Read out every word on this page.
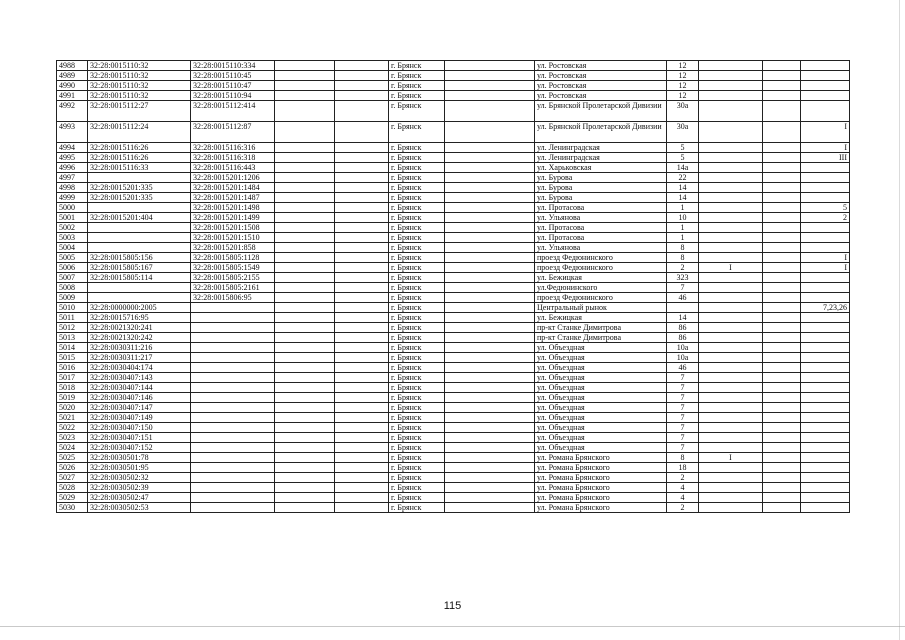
4988	32:28:0015110:32	32:28:0015110:334			г. Брянск		ул. Ростовская	12			
4989	32:28:0015110:32	32:28:0015110:45			г. Брянск		ул. Ростовская	12			
4990	32:28:0015110:32	32:28:0015110:47			г. Брянск		ул. Ростовская	12			
4991	32:28:0015110:32	32:28:0015110:94			г. Брянск		ул. Ростовская	12			
4992	32:28:0015112:27	32:28:0015112:414			г. Брянск		ул. Брянской Пролетарской Дивизии	30а			
4993	32:28:0015112:24	32:28:0015112:87			г. Брянск		ул. Брянской Пролетарской Дивизии	30а			I
4994	32:28:0015116:26	32:28:0015116:316			г. Брянск		ул. Ленинградская	5			I
4995	32:28:0015116:26	32:28:0015116:318			г. Брянск		ул. Ленинградская	5			III
4996	32:28:0015116:33	32:28:0015116:443			г. Брянск		ул. Харьковская	14а			
4997		32:28:0015201:1206			г. Брянск		ул. Бурова	22			
4998	32:28:0015201:335	32:28:0015201:1484			г. Брянск		ул. Бурова	14			
4999	32:28:0015201:335	32:28:0015201:1487			г. Брянск		ул. Бурова	14			
5000		32:28:0015201:1498			г. Брянск		ул. Протасова	1			5
5001	32:28:0015201:404	32:28:0015201:1499			г. Брянск		ул. Ульянова	10			2
5002		32:28:0015201:1508			г. Брянск		ул. Протасова	1			
5003		32:28:0015201:1510			г. Брянск		ул. Протасова	1			
5004		32:28:0015201:858			г. Брянск		ул. Ульянова	8			
5005	32:28:0015805:156	32:28:0015805:1128			г. Брянск		проезд Федюнинского	8			I
5006	32:28:0015805:167	32:28:0015805:1549			г. Брянск		проезд Федюнинского	2	I		I
5007	32:28:0015805:114	32:28:0015805:2155			г. Брянск		ул. Бежицкая	323			
5008		32:28:0015805:2161			г. Брянск		ул.Федюнинского	7			
5009		32:28:0015806:95			г. Брянск		проезд Федюнинского	46			
5010	32:28:0000000:2005				г. Брянск		Центральный рынок				7,23,26
5011	32:28:0015716:95				г. Брянск		ул. Бежицкая	14			
5012	32:28:0021320:241				г. Брянск		пр-кт Станке Димитрова	86			
5013	32:28:0021320:242				г. Брянск		пр-кт Станке Димитрова	86			
5014	32:28:0030311:216				г. Брянск		ул. Объездная	10а			
5015	32:28:0030311:217				г. Брянск		ул. Объездная	10а			
5016	32:28:0030404:174				г. Брянск		ул. Объездная	46			
5017	32:28:0030407:143				г. Брянск		ул. Объездная	7			
5018	32:28:0030407:144				г. Брянск		ул. Объездная	7			
5019	32:28:0030407:146				г. Брянск		ул. Объездная	7			
5020	32:28:0030407:147				г. Брянск		ул. Объездная	7			
5021	32:28:0030407:149				г. Брянск		ул. Объездная	7			
5022	32:28:0030407:150				г. Брянск		ул. Объездная	7			
5023	32:28:0030407:151				г. Брянск		ул. Объездная	7			
5024	32:28:0030407:152				г. Брянск		ул. Объездная	7			
5025	32:28:0030501:78				г. Брянск		ул. Романа Брянского	8	I		
5026	32:28:0030501:95				г. Брянск		ул. Романа Брянского	18			
5027	32:28:0030502:32				г. Брянск		ул. Романа Брянского	2			
5028	32:28:0030502:39				г. Брянск		ул. Романа Брянского	4			
5029	32:28:0030502:47				г. Брянск		ул. Романа Брянского	4			
5030	32:28:0030502:53				г. Брянск		ул. Романа Брянского	2			
115
